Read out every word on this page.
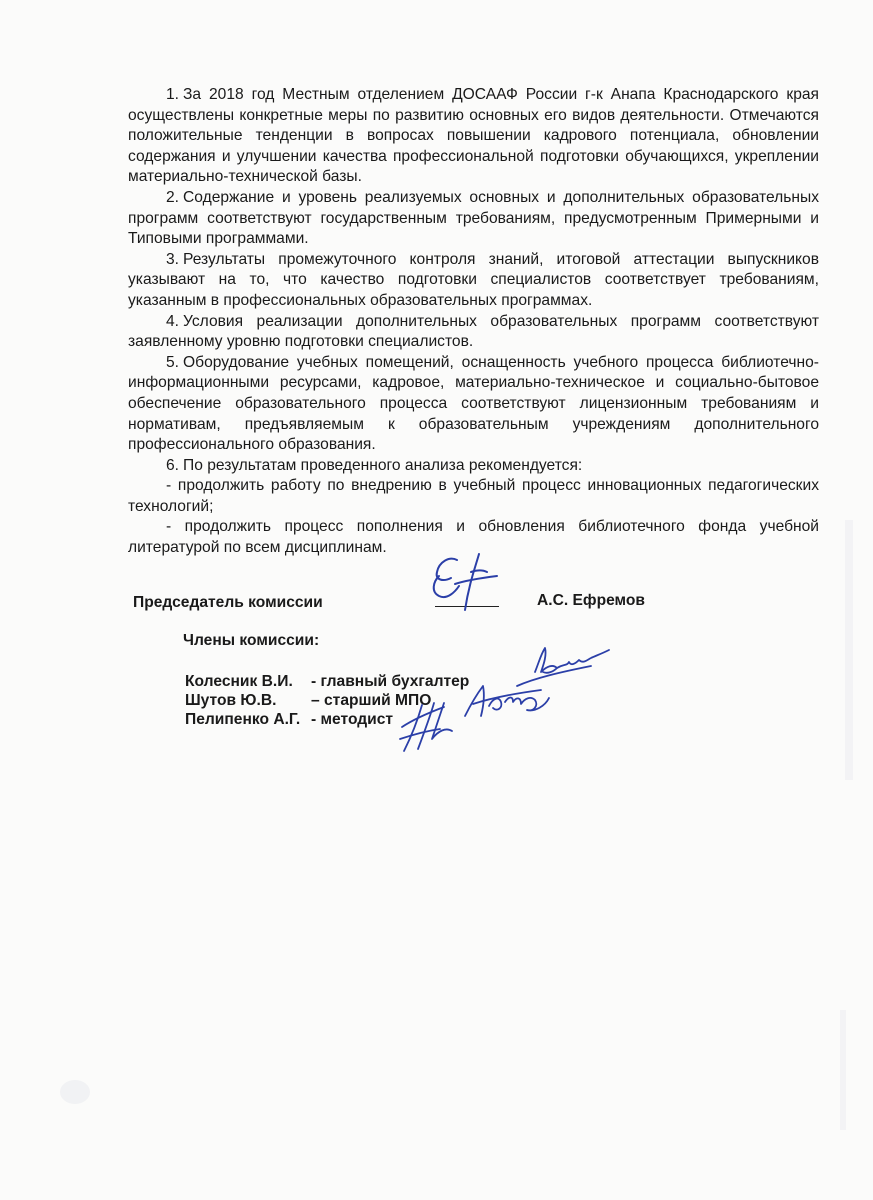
1. За 2018 год Местным отделением ДОСААФ России г-к Анапа Краснодарского края осуществлены конкретные меры по развитию основных его видов деятельности. Отмечаются положительные тенденции в вопросах повышении кадрового потенциала, обновлении содержания и улучшении качества профессиональной подготовки обучающихся, укреплении материально-технической базы.

2. Содержание и уровень реализуемых основных и дополнительных образовательных программ соответствуют государственным требованиям, предусмотренным Примерными и Типовыми программами.

3. Результаты промежуточного контроля знаний, итоговой аттестации выпускников указывают на то, что качество подготовки специалистов соответствует требованиям, указанным в профессиональных образовательных программах.

4. Условия реализации дополнительных образовательных программ соответствуют заявленному уровню подготовки специалистов.

5. Оборудование учебных помещений, оснащенность учебного процесса библиотечно-информационными ресурсами, кадровое, материально-техническое и социально-бытовое обеспечение образовательного процесса соответствуют лицензионным требованиям и нормативам, предъявляемым к образовательным учреждениям дополнительного профессионального образования.

6. По результатам проведенного анализа рекомендуется:

- продолжить работу по внедрению в учебный процесс инновационных педагогических технологий;

- продолжить процесс пополнения и обновления библиотечного фонда учебной литературой по всем дисциплинам.

Председатель комиссии	А.С. Ефремов
Члены комиссии:
Колесник В.И.	- главный бухгалтер
Шутов Ю.В.	– старший МПО
Пелипенко А.Г. - методист
